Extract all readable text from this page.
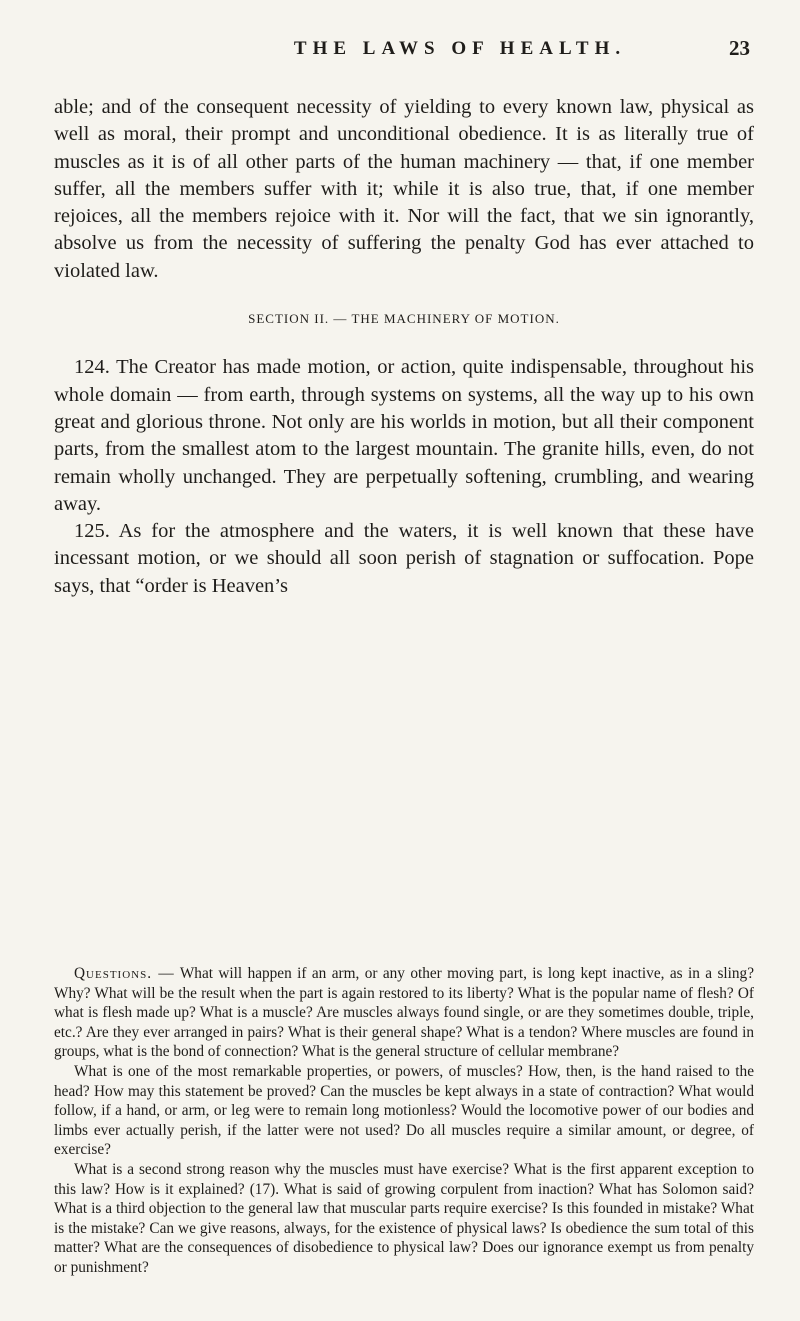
THE LAWS OF HEALTH.	23

able; and of the consequent necessity of yielding to every known law, physical as well as moral, their prompt and unconditional obedience. It is as literally true of muscles as it is of all other parts of the human machinery — that, if one member suffer, all the members suffer with it; while it is also true, that, if one member rejoices, all the members rejoice with it. Nor will the fact, that we sin ignorantly, absolve us from the necessity of suffering the penalty God has ever attached to violated law.

SECTION II. — THE MACHINERY OF MOTION.

124. The Creator has made motion, or action, quite indispensable, throughout his whole domain — from earth, through systems on systems, all the way up to his own great and glorious throne. Not only are his worlds in motion, but all their component parts, from the smallest atom to the largest mountain. The granite hills, even, do not remain wholly unchanged. They are perpetually softening, crumbling, and wearing away.

125. As for the atmosphere and the waters, it is well known that these have incessant motion, or we should all soon perish of stagnation or suffocation. Pope says, that “order is Heaven’s

Questions. — What will happen if an arm, or any other moving part, is long kept inactive, as in a sling? Why? What will be the result when the part is again restored to its liberty? What is the popular name of flesh? Of what is flesh made up? What is a muscle? Are muscles always found single, or are they sometimes double, triple, etc.? Are they ever arranged in pairs? What is their general shape? What is a tendon? Where muscles are found in groups, what is the bond of connection? What is the general structure of cellular membrane?

What is one of the most remarkable properties, or powers, of muscles? How, then, is the hand raised to the head? How may this statement be proved? Can the muscles be kept always in a state of contraction? What would follow, if a hand, or arm, or leg were to remain long motionless? Would the locomotive power of our bodies and limbs ever actually perish, if the latter were not used? Do all muscles require a similar amount, or degree, of exercise?

What is a second strong reason why the muscles must have exercise? What is the first apparent exception to this law? How is it explained? (17). What is said of growing corpulent from inaction? What has Solomon said? What is a third objection to the general law that muscular parts require exercise? Is this founded in mistake? What is the mistake? Can we give reasons, always, for the existence of physical laws? Is obedience the sum total of this matter? What are the consequences of disobedience to physical law? Does our ignorance exempt us from penalty or punishment?
